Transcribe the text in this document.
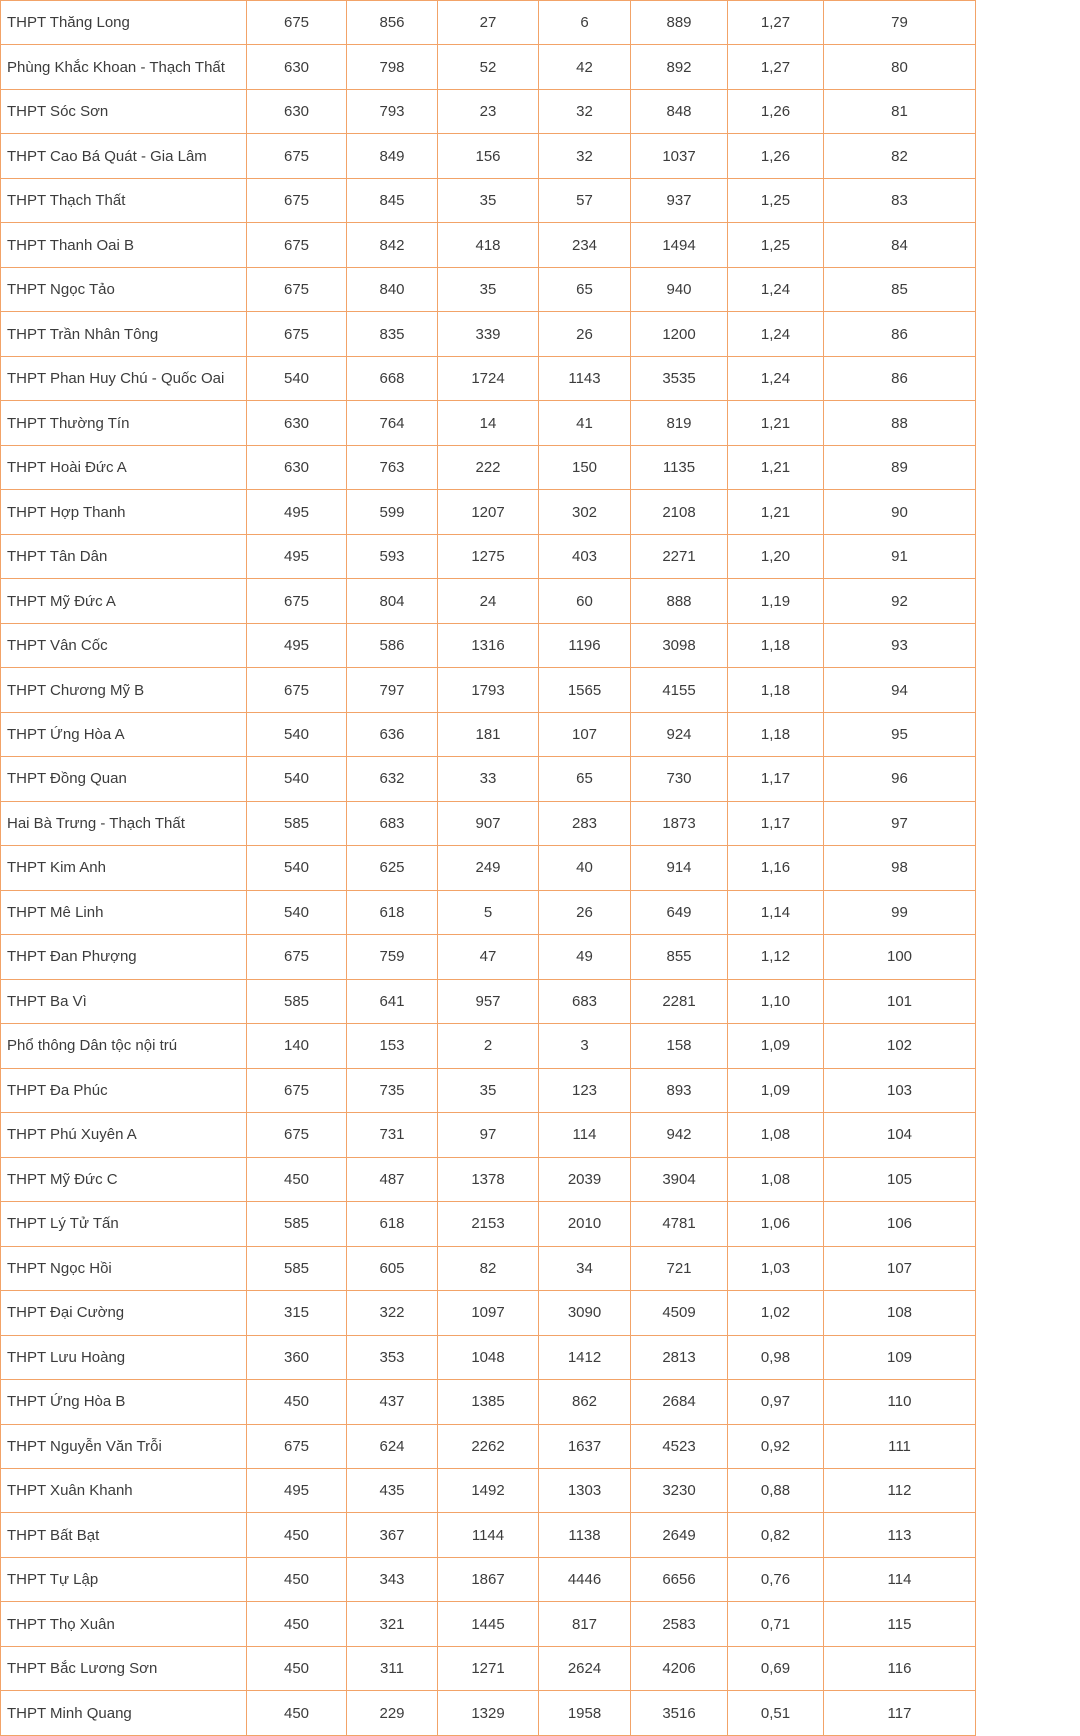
THPT Thăng Long	675	856	27	6	889	1,27	79
Phùng Khắc Khoan - Thạch Thất	630	798	52	42	892	1,27	80
THPT Sóc Sơn	630	793	23	32	848	1,26	81
THPT Cao Bá Quát - Gia Lâm	675	849	156	32	1037	1,26	82
THPT Thạch Thất	675	845	35	57	937	1,25	83
THPT Thanh Oai B	675	842	418	234	1494	1,25	84
THPT Ngọc Tảo	675	840	35	65	940	1,24	85
THPT Trần Nhân Tông	675	835	339	26	1200	1,24	86
THPT Phan Huy Chú - Quốc Oai	540	668	1724	1143	3535	1,24	86
THPT Thường Tín	630	764	14	41	819	1,21	88
THPT Hoài Đức A	630	763	222	150	1135	1,21	89
THPT Hợp Thanh	495	599	1207	302	2108	1,21	90
THPT Tân Dân	495	593	1275	403	2271	1,20	91
THPT Mỹ Đức A	675	804	24	60	888	1,19	92
THPT Vân Cốc	495	586	1316	1196	3098	1,18	93
THPT Chương Mỹ B	675	797	1793	1565	4155	1,18	94
THPT Ứng Hòa A	540	636	181	107	924	1,18	95
THPT Đồng Quan	540	632	33	65	730	1,17	96
Hai Bà Trưng - Thạch Thất	585	683	907	283	1873	1,17	97
THPT Kim Anh	540	625	249	40	914	1,16	98
THPT Mê Linh	540	618	5	26	649	1,14	99
THPT Đan Phượng	675	759	47	49	855	1,12	100
THPT Ba Vì	585	641	957	683	2281	1,10	101
Phổ thông Dân tộc nội trú	140	153	2	3	158	1,09	102
THPT Đa Phúc	675	735	35	123	893	1,09	103
THPT Phú Xuyên A	675	731	97	114	942	1,08	104
THPT Mỹ Đức C	450	487	1378	2039	3904	1,08	105
THPT Lý Tử Tấn	585	618	2153	2010	4781	1,06	106
THPT Ngọc Hồi	585	605	82	34	721	1,03	107
THPT Đại Cường	315	322	1097	3090	4509	1,02	108
THPT Lưu Hoàng	360	353	1048	1412	2813	0,98	109
THPT Ứng Hòa B	450	437	1385	862	2684	0,97	110
THPT Nguyễn Văn Trỗi	675	624	2262	1637	4523	0,92	111
THPT Xuân Khanh	495	435	1492	1303	3230	0,88	112
THPT Bất Bạt	450	367	1144	1138	2649	0,82	113
THPT Tự Lập	450	343	1867	4446	6656	0,76	114
THPT Thọ Xuân	450	321	1445	817	2583	0,71	115
THPT Bắc Lương Sơn	450	311	1271	2624	4206	0,69	116
THPT Minh Quang	450	229	1329	1958	3516	0,51	117
